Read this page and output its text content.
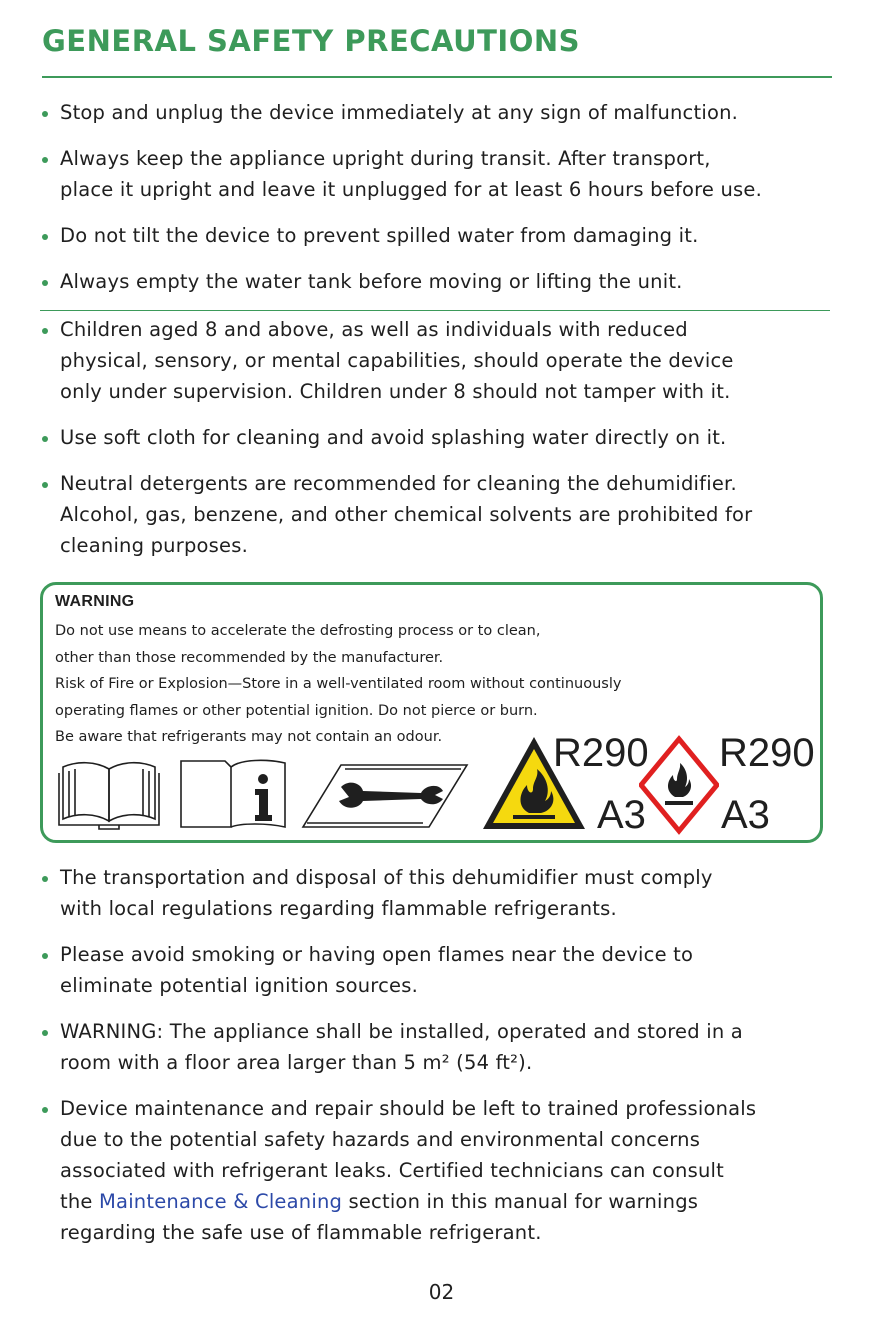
GENERAL SAFETY PRECAUTIONS
Stop and unplug the device immediately at any sign of malfunction.
Always keep the appliance upright during transit. After transport,
place it upright and leave it unplugged for at least 6 hours before use.
Do not tilt the device to prevent spilled water from damaging it.
Always empty the water tank before moving or lifting the unit.
Children aged 8 and above, as well as individuals with reduced
physical, sensory, or mental capabilities, should operate the device
only under supervision. Children under 8 should not tamper with it.
Use soft cloth for cleaning and avoid splashing water directly on it.
Neutral detergents are recommended for cleaning the dehumidifier.
Alcohol, gas, benzene, and other chemical solvents are prohibited for
cleaning purposes.
WARNING
Do not use means to accelerate the defrosting process or to clean,
other than those recommended by the manufacturer.
Risk of Fire or Explosion—Store in a well-ventilated room without continuously
operating flames or other potential ignition. Do not pierce or burn.
Be aware that refrigerants may not contain an odour.	R290 R290
A3 A3
The transportation and disposal of this dehumidifier must comply
with local regulations regarding flammable refrigerants.
Please avoid smoking or having open flames near the device to
eliminate potential ignition sources.
WARNING: The appliance shall be installed, operated and stored in a
room with a floor area larger than 5 m² (54 ft²).
Device maintenance and repair should be left to trained professionals
due to the potential safety hazards and environmental concerns
associated with refrigerant leaks. Certified technicians can consult
the Maintenance & Cleaning section in this manual for warnings
regarding the safe use of flammable refrigerant.
02
